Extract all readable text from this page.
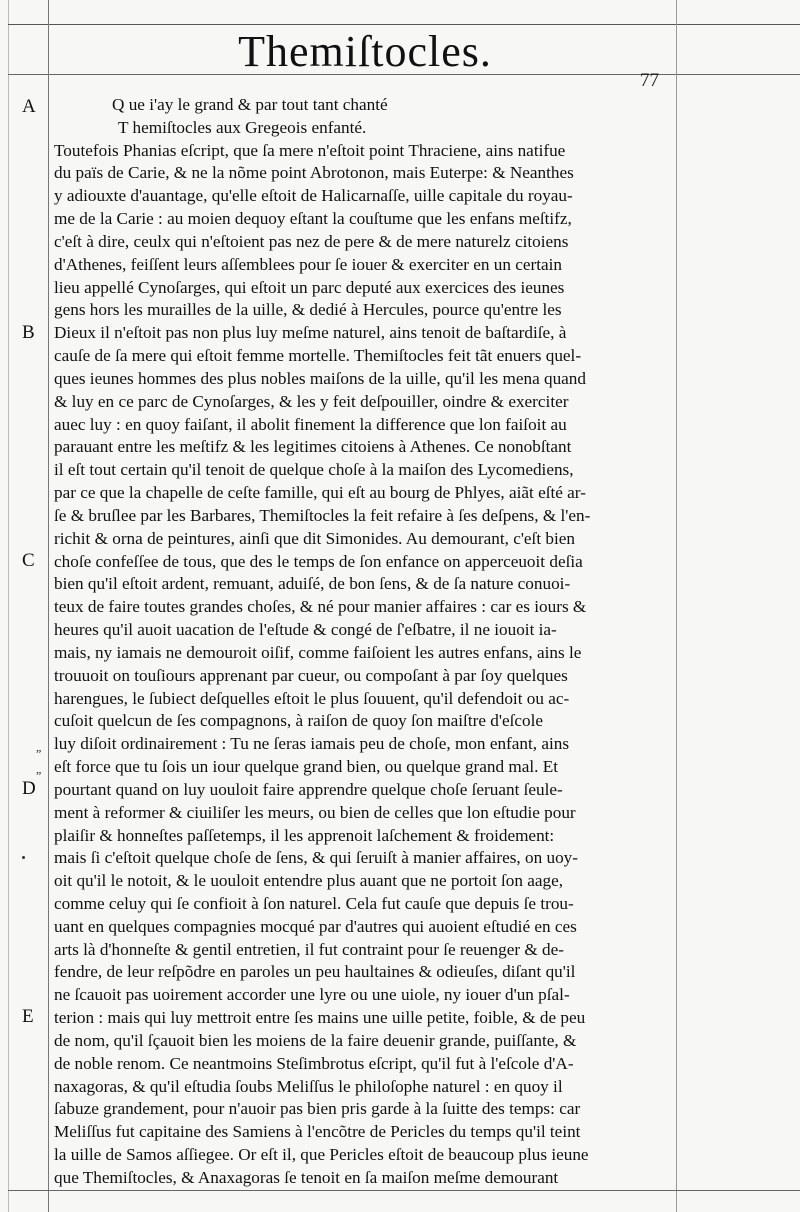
Themiſtocles.
77
A
B
C
D
E
„
„
Q ue i'ay le grand & par tout tant chanté
T hemiſtocles aux Gregeois enfanté.
Toutefois Phanias eſcript, que ſa mere n'eſtoit point Thraciene, ains natifue
du païs de Carie, & ne la nõme point Abrotonon, mais Euterpe: & Neanthes
y adiouxte d'auantage, qu'elle eſtoit de Halicarnaſſe, uille capitale du royau-
me de la Carie : au moien dequoy eſtant la couſtume que les enfans meſtifz,
c'eſt à dire, ceulx qui n'eſtoient pas nez de pere & de mere naturelz citoiens
d'Athenes, feiſſent leurs aſſemblees pour ſe iouer & exerciter en un certain
lieu appellé Cynoſarges, qui eſtoit un parc deputé aux exercices des ieunes
gens hors les murailles de la uille, & dedié à Hercules, pource qu'entre les
Dieux il n'eſtoit pas non plus luy meſme naturel, ains tenoit de baſtardiſe, à
cauſe de ſa mere qui eſtoit femme mortelle. Themiſtocles feit tãt enuers quel-
ques ieunes hommes des plus nobles maiſons de la uille, qu'il les mena quand
& luy en ce parc de Cynoſarges, & les y feit deſpouiller, oindre & exerciter
auec luy : en quoy faiſant, il abolit finement la difference que lon faiſoit au
parauant entre les meſtifz & les legitimes citoiens à Athenes. Ce nonobſtant
il eſt tout certain qu'il tenoit de quelque choſe à la maiſon des Lycomediens,
par ce que la chapelle de ceſte famille, qui eſt au bourg de Phlyes, aiãt eſté ar-
ſe & bruſlee par les Barbares, Themiſtocles la feit refaire à ſes deſpens, & l'en-
richit & orna de peintures, ainſi que dit Simonides. Au demourant, c'eſt bien
choſe confeſſee de tous, que des le temps de ſon enfance on apperceuoit deſia
bien qu'il eſtoit ardent, remuant, aduiſé, de bon ſens, & de ſa nature conuoi-
teux de faire toutes grandes choſes, & né pour manier affaires : car es iours &
heures qu'il auoit uacation de l'eſtude & congé de ſ'eſbatre, il ne iouoit ia-
mais, ny iamais ne demouroit oiſif, comme faiſoient les autres enfans, ains le
trouuoit on touſiours apprenant par cueur, ou compoſant à par ſoy quelques
harengues, le ſubiect deſquelles eſtoit le plus ſouuent, qu'il defendoit ou ac-
cuſoit quelcun de ſes compagnons, à raiſon de quoy ſon maiſtre d'eſcole
luy diſoit ordinairement : Tu ne ſeras iamais peu de choſe, mon enfant, ains
eſt force que tu ſois un iour quelque grand bien, ou quelque grand mal. Et
pourtant quand on luy uouloit faire apprendre quelque choſe ſeruant ſeule-
ment à reformer & ciuiliſer les meurs, ou bien de celles que lon eſtudie pour
plaiſir & honneſtes paſſetemps, il les apprenoit laſchement & froidement:
mais ſi c'eſtoit quelque choſe de ſens, & qui ſeruiſt à manier affaires, on uoy-
oit qu'il le notoit, & le uouloit entendre plus auant que ne portoit ſon aage,
comme celuy qui ſe confioit à ſon naturel. Cela fut cauſe que depuis ſe trou-
uant en quelques compagnies mocqué par d'autres qui auoient eſtudié en ces
arts là d'honneſte & gentil entretien, il fut contraint pour ſe reuenger & de-
fendre, de leur reſpõdre en paroles un peu haultaines & odieuſes, diſant qu'il
ne ſcauoit pas uoirement accorder une lyre ou une uiole, ny iouer d'un pſal-
terion : mais qui luy mettroit entre ſes mains une uille petite, foible, & de peu
de nom, qu'il ſçauoit bien les moiens de la faire deuenir grande, puiſſante, &
de noble renom. Ce neantmoins Steſimbrotus eſcript, qu'il fut à l'eſcole d'A-
naxagoras, & qu'il eſtudia ſoubs Meliſſus le philoſophe naturel : en quoy il
ſabuze grandement, pour n'auoir pas bien pris garde à la ſuitte des temps: car
Meliſſus fut capitaine des Samiens à l'encõtre de Pericles du temps qu'il teint
la uille de Samos aſſiegee. Or eſt il, que Pericles eſtoit de beaucoup plus ieune
que Themiſtocles, & Anaxagoras ſe tenoit en ſa maiſon meſme demourant
